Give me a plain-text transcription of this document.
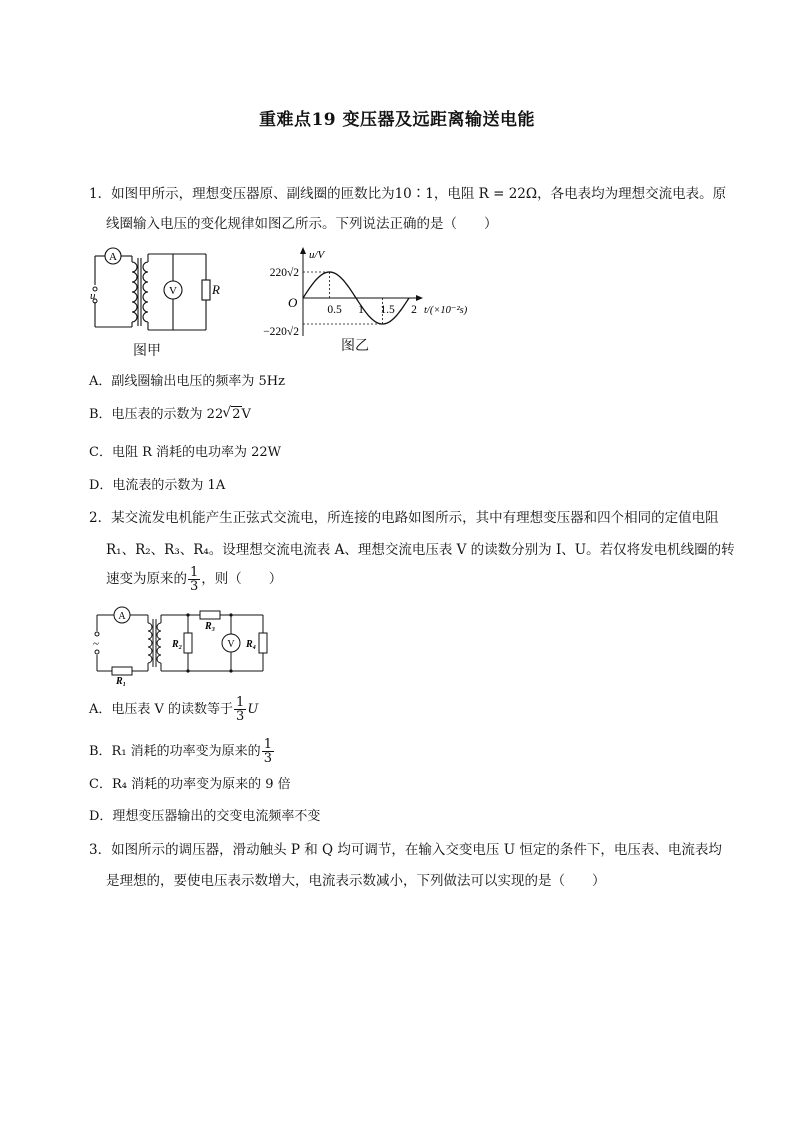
重难点19 变压器及远距离输送电能
1．如图甲所示，理想变压器原、副线圈的匝数比为10∶1，电阻 R = 22Ω，各电表均为理想交流电表。原
线圈输入电压的变化规律如图乙所示。下列说法正确的是（　　）
A
V
u	R
图甲
0.5 1 1.5 2
u/V
t/(×10⁻²s)
O
220√2
−220√2
图乙
A．副线圈输出电压的频率为 5Hz
B．电压表的示数为 22√ 2V
C．电阻 R 消耗的电功率为 22W
D．电流表的示数为 1A
2．某交流发电机能产生正弦式交流电，所连接的电路如图所示，其中有理想变压器和四个相同的定值电阻
R₁、R₂、R₃、R₄。设理想交流电流表 A、理想交流电压表 V 的读数分别为 I、U。若仅将发电机线圈的转
速变为原来的 $\frac{1}{3}$ ，则（　　）
~
A
V
R₁
R₂
R₃
R₄
A．电压表 V 的读数等于 $\frac{1}{3}$ U
B．R₁ 消耗的功率变为原来的 $\frac{1}{3}$
C．R₄ 消耗的功率变为原来的 9 倍
D．理想变压器输出的交变电流频率不变
3．如图所示的调压器，滑动触头 P 和 Q 均可调节，在输入交变电压 U 恒定的条件下，电压表、电流表均
是理想的，要使电压表示数增大，电流表示数减小，下列做法可以实现的是（　　）
